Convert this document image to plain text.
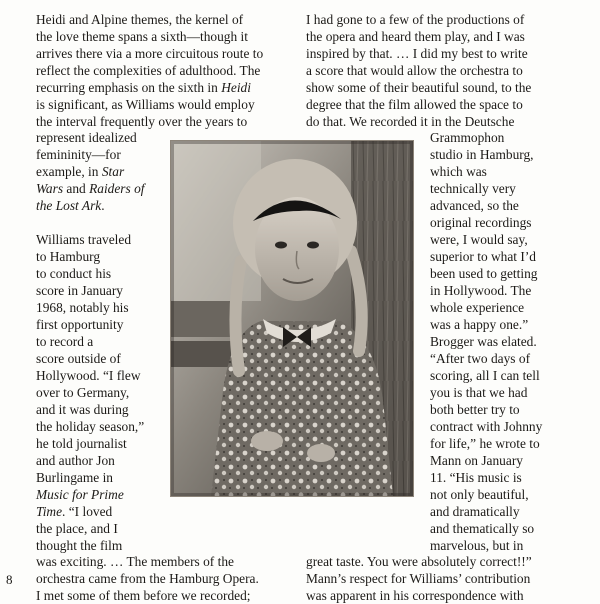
Heidi and Alpine themes, the kernel of
the love theme spans a sixth—though it
arrives there via a more circuitous route to
reflect the complexities of adulthood. The
recurring emphasis on the sixth in Heidi
is significant, as Williams would employ
the interval frequently over the years to
represent idealized
femininity—for
example, in Star
Wars and Raiders of
the Lost Ark.
Williams traveled
to Hamburg
to conduct his
score in January
1968, notably his
first opportunity
to record a
score outside of
Hollywood. “I flew
over to Germany,
and it was during
the holiday season,”
he told journalist
and author Jon
Burlingame in
Music for Prime
Time. “I loved
the place, and I
thought the film
I had gone to a few of the productions of
the opera and heard them play, and I was
inspired by that. … I did my best to write
a score that would allow the orchestra to
show some of their beautiful sound, to the
degree that the film allowed the space to
do that. We recorded it in the Deutsche
Grammophon
studio in Hamburg,
which was
technically very
advanced, so the
original recordings
were, I would say,
superior to what I’d
been used to getting
in Hollywood. The
whole experience
was a happy one.”
Brogger was elated.
“After two days of
scoring, all I can tell
you is that we had
both better try to
contract with Johnny
for life,” he wrote to
Mann on January
11. “His music is
not only beautiful,
and dramatically
and thematically so
marvelous, but in
was exciting. … The members of the
orchestra came from the Hamburg Opera.
I met some of them before we recorded;
great taste. You were absolutely correct!!”
Mann’s respect for Williams’ contribution
was apparent in his correspondence with
8
